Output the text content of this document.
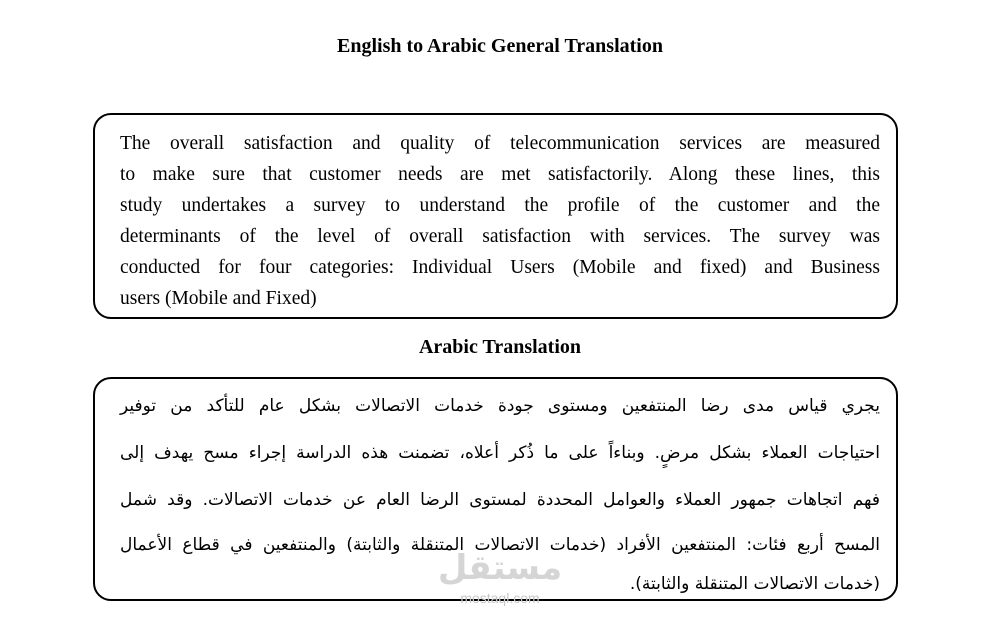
English to Arabic General Translation
The overall satisfaction and quality of telecommunication services are measured
to make sure that customer needs are met satisfactorily. Along these lines, this
study undertakes a survey to understand the profile of the customer and the
determinants of the level of overall satisfaction with services. The survey was
conducted for four categories: Individual Users (Mobile and fixed) and Business
users (Mobile and Fixed)
Arabic Translation
يجري قياس مدى رضا المنتفعين ومستوى جودة خدمات الاتصالات بشكل عام للتأكد من توفير
احتياجات العملاء بشكل مرضٍ. وبناءاً على ما ذُكر أعلاه، تضمنت هذه الدراسة إجراء مسح يهدف إلى
فهم اتجاهات جمهور العملاء والعوامل المحددة لمستوى الرضا العام عن خدمات الاتصالات. وقد شمل
المسح أربع فئات: المنتفعين الأفراد (خدمات الاتصالات المتنقلة والثابتة) والمنتفعين في قطاع الأعمال
(خدمات الاتصالات المتنقلة والثابتة).
مستقل
mostaql.com
